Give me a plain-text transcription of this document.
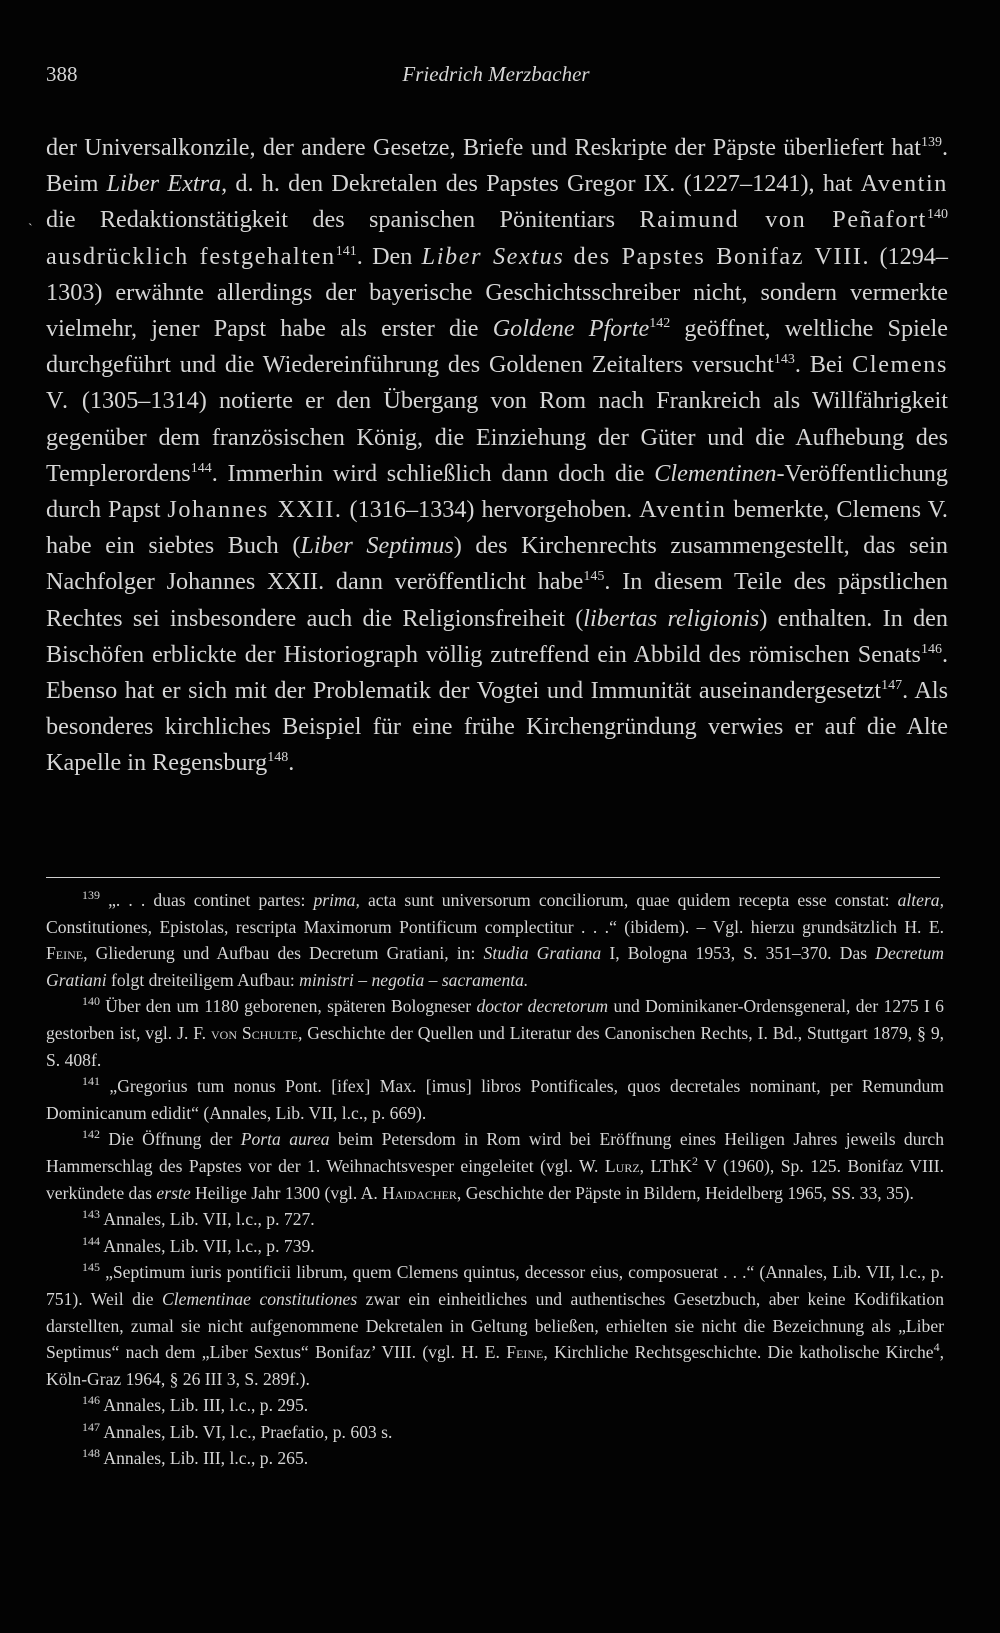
388	Friedrich Merzbacher
`

der Universalkonzile, der andere Gesetze, Briefe und Reskripte der Päpste überliefert hat$^{139}$. Beim Liber Extra, d. h. den Dekretalen des Papstes Gregor IX. (1227–1241), hat Aventin die Redaktionstätigkeit des spanischen Pönitentiars Raimund von Peñafort$^{140}$ ausdrücklich festgehalten$^{141}$. Den Liber Sextus des Papstes Bonifaz VIII. (1294–1303) erwähnte allerdings der bayerische Geschichtsschreiber nicht, sondern vermerkte vielmehr, jener Papst habe als erster die Goldene Pforte$^{142}$ geöffnet, weltliche Spiele durchgeführt und die Wiedereinführung des Goldenen Zeitalters versucht$^{143}$. Bei Clemens V. (1305–1314) notierte er den Übergang von Rom nach Frankreich als Willfährigkeit gegenüber dem französischen König, die Einziehung der Güter und die Aufhebung des Templerordens$^{144}$. Immerhin wird schließlich dann doch die Clementinen-Veröffentlichung durch Papst Johannes XXII. (1316–1334) hervorgehoben. Aventin bemerkte, Clemens V. habe ein siebtes Buch (Liber Septimus) des Kirchenrechts zusammengestellt, das sein Nachfolger Johannes XXII. dann veröffentlicht habe$^{145}$. In diesem Teile des päpstlichen Rechtes sei insbesondere auch die Religionsfreiheit (libertas religionis) enthalten. In den Bischöfen erblickte der Historiograph völlig zutreffend ein Abbild des römischen Senats$^{146}$. Ebenso hat er sich mit der Problematik der Vogtei und Immunität auseinandergesetzt$^{147}$. Als besonderes kirchliches Beispiel für eine frühe Kirchengründung verwies er auf die Alte Kapelle in Regensburg$^{148}$.

$^{139}$ „. . . duas continet partes: prima, acta sunt universorum conciliorum, quae quidem recepta esse constat: altera, Constitutiones, Epistolas, rescripta Maximorum Pontificum complectitur . . .“ (ibidem). – Vgl. hierzu grundsätzlich H. E. Feine, Gliederung und Aufbau des Decretum Gratiani, in: Studia Gratiana I, Bologna 1953, S. 351–370. Das Decretum Gratiani folgt dreiteiligem Aufbau: ministri – negotia – sacramenta.

$^{140}$ Über den um 1180 geborenen, späteren Bologneser doctor decretorum und Dominikaner-Ordensgeneral, der 1275 I 6 gestorben ist, vgl. J. F. von Schulte, Geschichte der Quellen und Literatur des Canonischen Rechts, I. Bd., Stuttgart 1879, § 9, S. 408f.

$^{141}$ „Gregorius tum nonus Pont. [ifex] Max. [imus] libros Pontificales, quos decretales nominant, per Remundum Dominicanum edidit“ (Annales, Lib. VII, l.c., p. 669).

$^{142}$ Die Öffnung der Porta aurea beim Petersdom in Rom wird bei Eröffnung eines Heiligen Jahres jeweils durch Hammerschlag des Papstes vor der 1. Weihnachtsvesper eingeleitet (vgl. W. Lurz, LThK$^2$ V (1960), Sp. 125. Bonifaz VIII. verkündete das erste Heilige Jahr 1300 (vgl. A. Haidacher, Geschichte der Päpste in Bildern, Heidelberg 1965, SS. 33, 35).

$^{143}$ Annales, Lib. VII, l.c., p. 727.

$^{144}$ Annales, Lib. VII, l.c., p. 739.

$^{145}$ „Septimum iuris pontificii librum, quem Clemens quintus, decessor eius, composuerat . . .“ (Annales, Lib. VII, l.c., p. 751). Weil die Clementinae constitutiones zwar ein einheitliches und authentisches Gesetzbuch, aber keine Kodifikation darstellten, zumal sie nicht aufgenommene Dekretalen in Geltung beließen, erhielten sie nicht die Bezeichnung als „Liber Septimus“ nach dem „Liber Sextus“ Bonifaz’ VIII. (vgl. H. E. Feine, Kirchliche Rechtsgeschichte. Die katholische Kirche$^4$, Köln-Graz 1964, § 26 III 3, S. 289f.).

$^{146}$ Annales, Lib. III, l.c., p. 295.

$^{147}$ Annales, Lib. VI, l.c., Praefatio, p. 603 s.

$^{148}$ Annales, Lib. III, l.c., p. 265.
